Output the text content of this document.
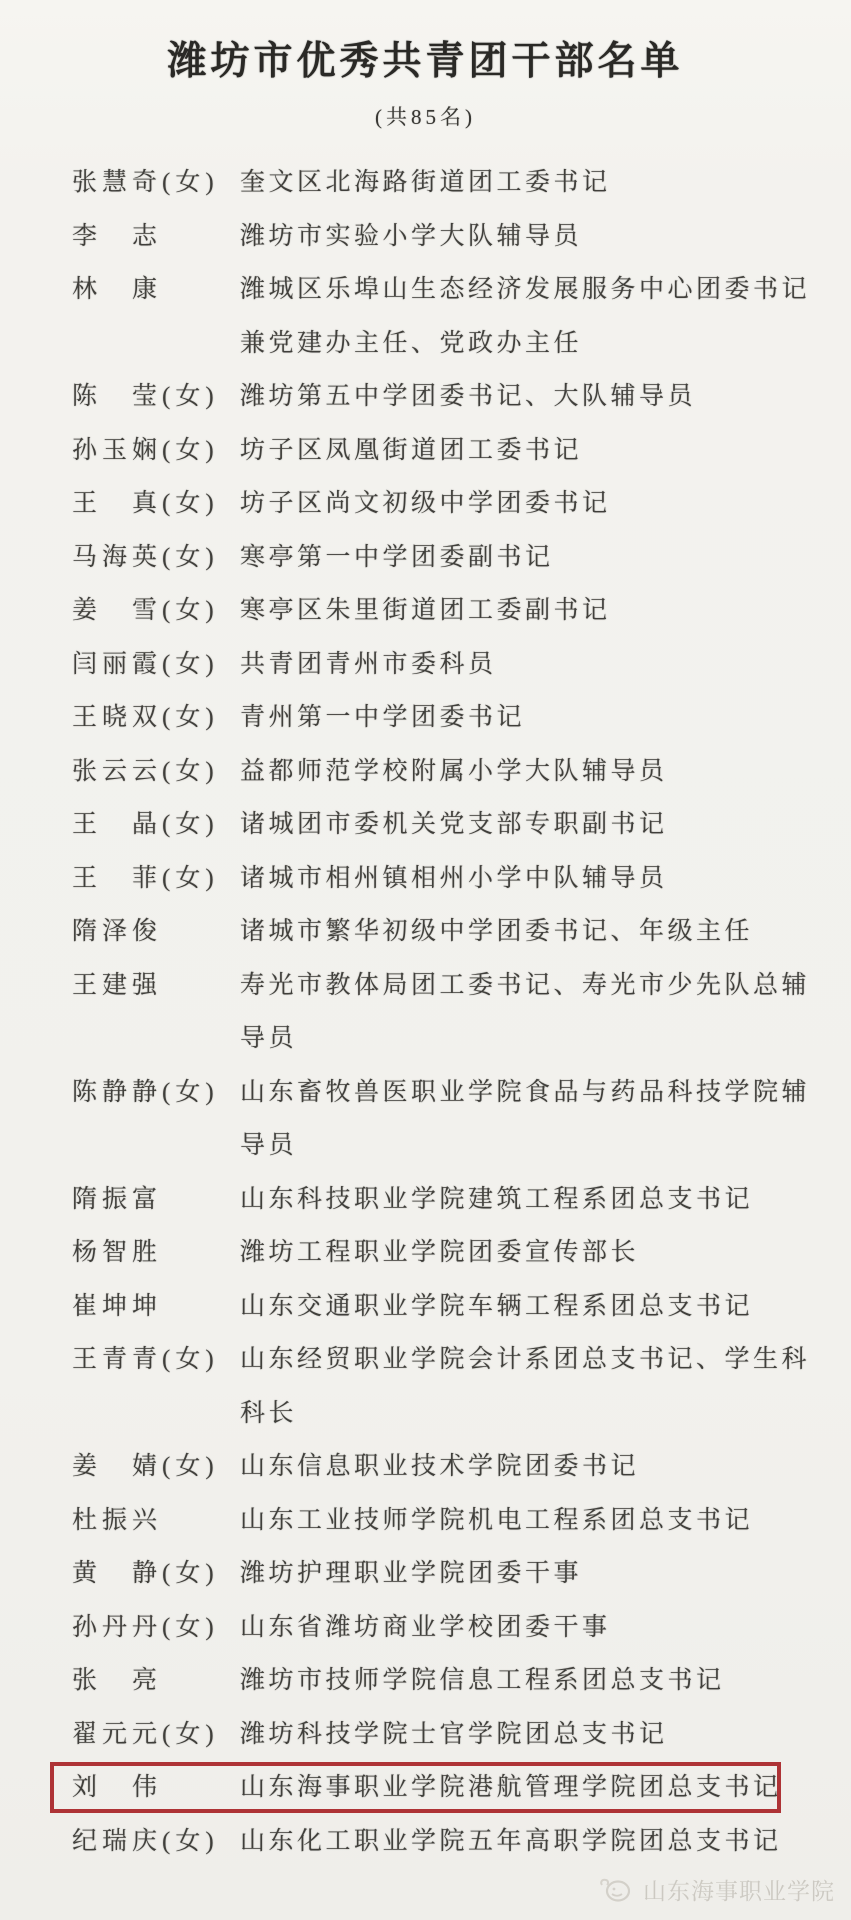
潍坊市优秀共青团干部名单
(共85名)
张慧奇(女) 奎文区北海路街道团工委书记
李　志	潍坊市实验小学大队辅导员
林　康	潍城区乐埠山生态经济发展服务中心团委书记
兼党建办主任、党政办主任
陈　莹(女) 潍坊第五中学团委书记、大队辅导员
孙玉娴(女) 坊子区凤凰街道团工委书记
王　真(女) 坊子区尚文初级中学团委书记
马海英(女) 寒亭第一中学团委副书记
姜　雪(女) 寒亭区朱里街道团工委副书记
闫丽霞(女) 共青团青州市委科员
王晓双(女) 青州第一中学团委书记
张云云(女) 益都师范学校附属小学大队辅导员
王　晶(女) 诸城团市委机关党支部专职副书记
王　菲(女) 诸城市相州镇相州小学中队辅导员
隋泽俊	诸城市繁华初级中学团委书记、年级主任
王建强	寿光市教体局团工委书记、寿光市少先队总辅
导员
陈静静(女) 山东畜牧兽医职业学院食品与药品科技学院辅
导员
隋振富	山东科技职业学院建筑工程系团总支书记
杨智胜	潍坊工程职业学院团委宣传部长
崔坤坤	山东交通职业学院车辆工程系团总支书记
王青青(女) 山东经贸职业学院会计系团总支书记、学生科
科长
姜　婧(女) 山东信息职业技术学院团委书记
杜振兴	山东工业技师学院机电工程系团总支书记
黄　静(女) 潍坊护理职业学院团委干事
孙丹丹(女) 山东省潍坊商业学校团委干事
张　亮	潍坊市技师学院信息工程系团总支书记
翟元元(女) 潍坊科技学院士官学院团总支书记
刘　伟	山东海事职业学院港航管理学院团总支书记
纪瑞庆(女) 山东化工职业学院五年高职学院团总支书记
山东海事职业学院
